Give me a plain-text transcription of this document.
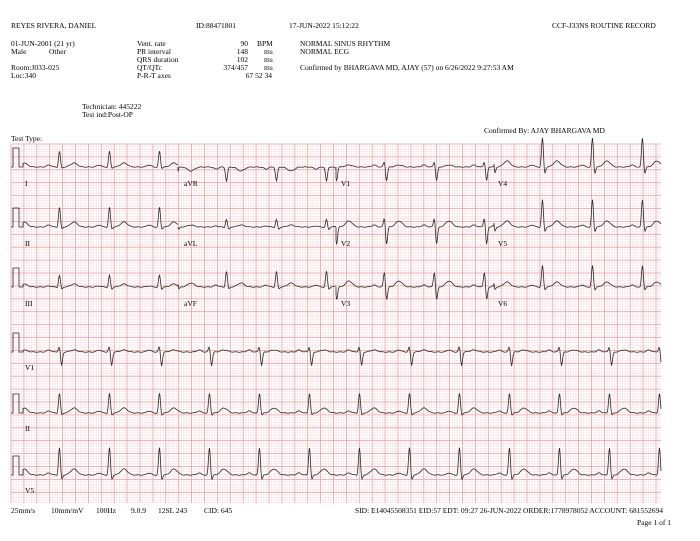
REYES RIVERA, DANIEL	ID:88471801	17-JUN-2022 15:12:22	CCF-J33NS ROUTINE RECORD
01-JUN-2001 (21 yr)
Male	Other
Room:J033-025
Loc:340
Vent. rate	90 BPM
PR interval	148 ms
QRS duration	102 ms
QT/QTc	374/457 ms
P-R-T axes	67 52 34
NORMAL SINUS RHYTHM
NORMAL ECG
Confirmed by BHARGAVA MD, AJAY (57) on 6/26/2022 9:27:53 AM
Technician: 445222
Test ind:Post-OP
Test Type:
Confirmed By: AJAY BHARGAVA MD
I	aVR	V1	V4
II	aVL	V2	V5
III	aVF	V3	V6
V1
II
V5
25mm/s 10mm/mV 100Hz 9.0.9 12SL 243 CID: 645	SID: E14045508351 EID:57 EDT: 09:27 26-JUN-2022 ORDER:1778978052 ACCOUNT: 681552694
Page 1 of 1
